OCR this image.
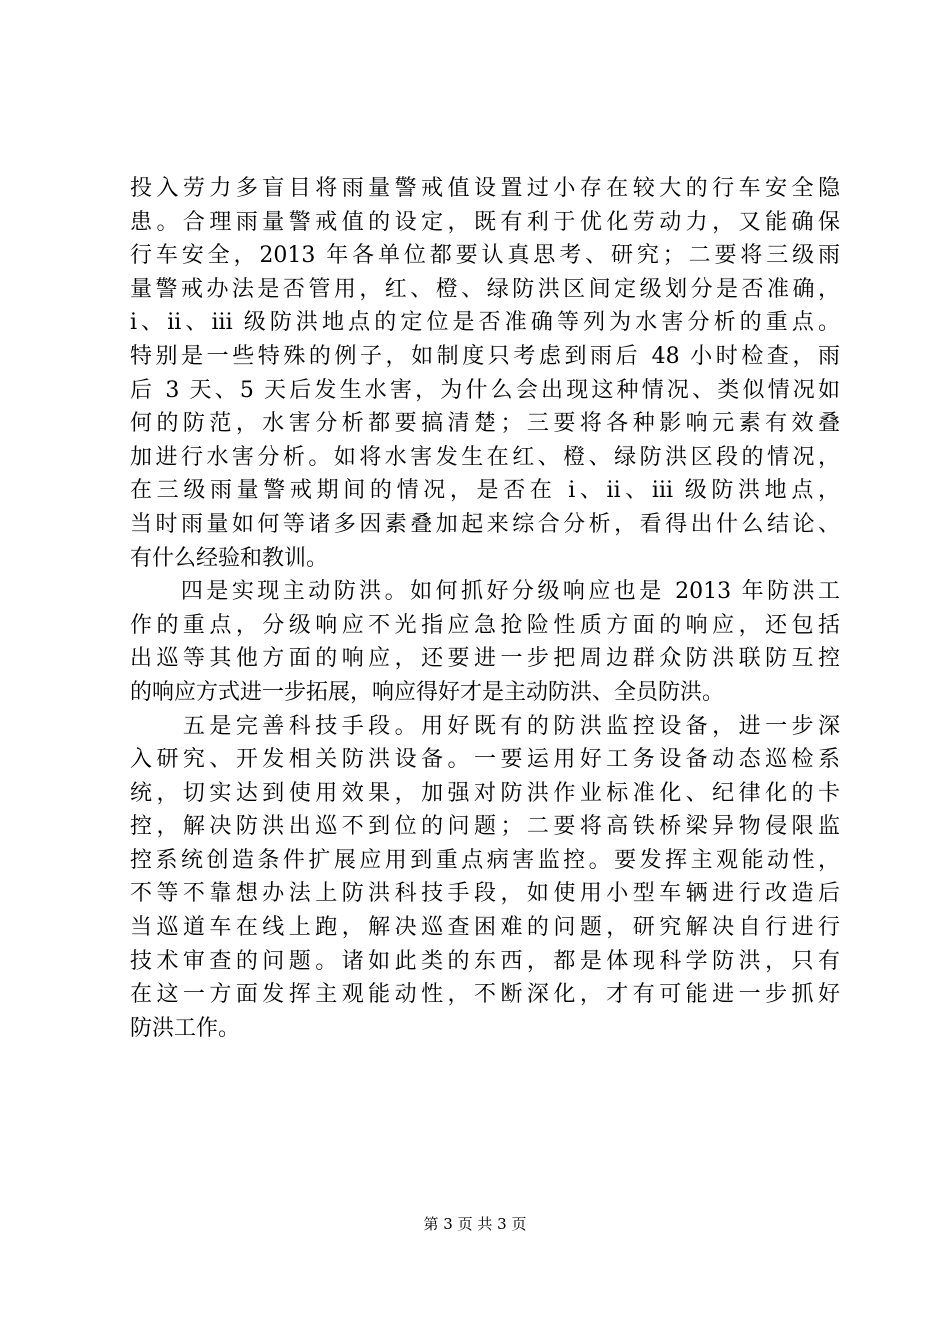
投入劳力多盲目将雨量警戒值设置过小存在较大的行车安全隐
患。合理雨量警戒值的设定，既有利于优化劳动力，又能确保
行车安全，2013 年各单位都要认真思考、研究；二要将三级雨
量警戒办法是否管用，红、橙、绿防洪区间定级划分是否准确，
i、ii、iii 级防洪地点的定位是否准确等列为水害分析的重点。
特别是一些特殊的例子，如制度只考虑到雨后 48 小时检查，雨
后 3 天、5 天后发生水害，为什么会出现这种情况、类似情况如
何的防范，水害分析都要搞清楚；三要将各种影响元素有效叠
加进行水害分析。如将水害发生在红、橙、绿防洪区段的情况，
在三级雨量警戒期间的情况，是否在 i、ii、iii 级防洪地点，
当时雨量如何等诸多因素叠加起来综合分析，看得出什么结论、
有什么经验和教训。
　　四是实现主动防洪。如何抓好分级响应也是 2013 年防洪工
作的重点，分级响应不光指应急抢险性质方面的响应，还包括
出巡等其他方面的响应，还要进一步把周边群众防洪联防互控
的响应方式进一步拓展，响应得好才是主动防洪、全员防洪。
　　五是完善科技手段。用好既有的防洪监控设备，进一步深
入研究、开发相关防洪设备。一要运用好工务设备动态巡检系
统，切实达到使用效果，加强对防洪作业标准化、纪律化的卡
控，解决防洪出巡不到位的问题；二要将高铁桥梁异物侵限监
控系统创造条件扩展应用到重点病害监控。要发挥主观能动性，
不等不靠想办法上防洪科技手段，如使用小型车辆进行改造后
当巡道车在线上跑，解决巡查困难的问题，研究解决自行进行
技术审查的问题。诸如此类的东西，都是体现科学防洪，只有
在这一方面发挥主观能动性，不断深化，才有可能进一步抓好
防洪工作。
第 3 页 共 3 页
